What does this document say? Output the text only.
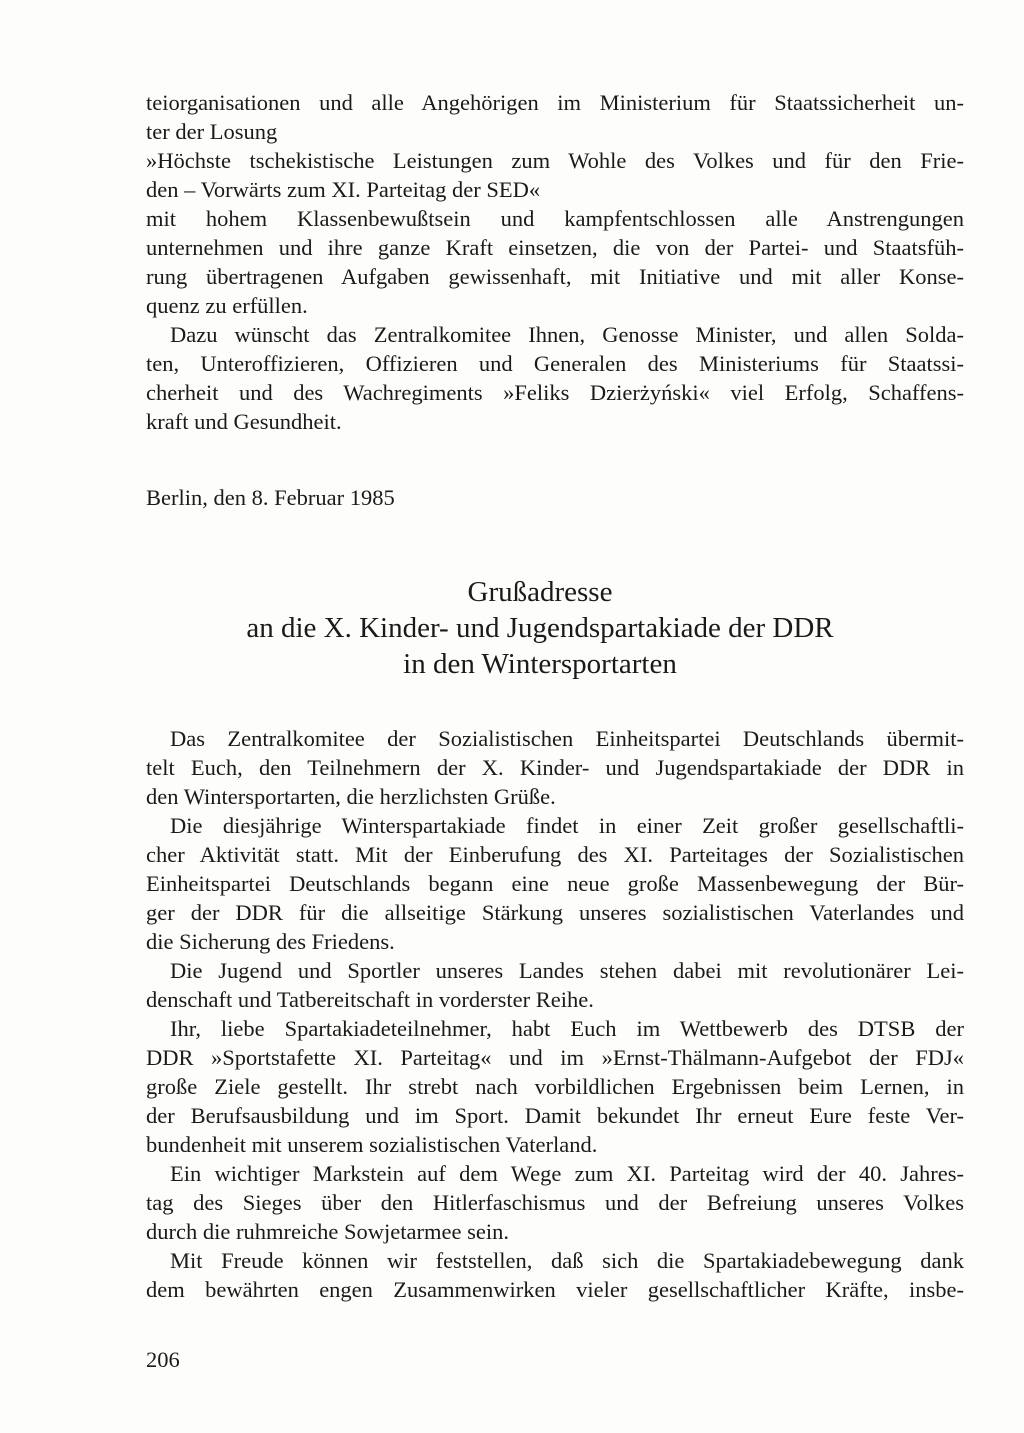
teiorganisationen und alle Angehörigen im Ministerium für Staatssicherheit un-
ter der Losung
»Höchste tschekistische Leistungen zum Wohle des Volkes und für den Frie-
den – Vorwärts zum XI. Parteitag der SED«
mit hohem Klassenbewußtsein und kampfentschlossen alle Anstrengungen
unternehmen und ihre ganze Kraft einsetzen, die von der Partei- und Staatsfüh-
rung übertragenen Aufgaben gewissenhaft, mit Initiative und mit aller Konse-
quenz zu erfüllen.
Dazu wünscht das Zentralkomitee Ihnen, Genosse Minister, und allen Solda-
ten, Unteroffizieren, Offizieren und Generalen des Ministeriums für Staatssi-
cherheit und des Wachregiments »Feliks Dzierżyński« viel Erfolg, Schaffens-
kraft und Gesundheit.
Berlin, den 8. Februar 1985
Grußadresse
an die X. Kinder- und Jugendspartakiade der DDR
in den Wintersportarten
Das Zentralkomitee der Sozialistischen Einheitspartei Deutschlands übermit-
telt Euch, den Teilnehmern der X. Kinder- und Jugendspartakiade der DDR in
den Wintersportarten, die herzlichsten Grüße.
Die diesjährige Winterspartakiade findet in einer Zeit großer gesellschaftli-
cher Aktivität statt. Mit der Einberufung des XI. Parteitages der Sozialistischen
Einheitspartei Deutschlands begann eine neue große Massenbewegung der Bür-
ger der DDR für die allseitige Stärkung unseres sozialistischen Vaterlandes und
die Sicherung des Friedens.
Die Jugend und Sportler unseres Landes stehen dabei mit revolutionärer Lei-
denschaft und Tatbereitschaft in vorderster Reihe.
Ihr, liebe Spartakiadeteilnehmer, habt Euch im Wettbewerb des DTSB der
DDR »Sportstafette XI. Parteitag« und im »Ernst-Thälmann-Aufgebot der FDJ«
große Ziele gestellt. Ihr strebt nach vorbildlichen Ergebnissen beim Lernen, in
der Berufsausbildung und im Sport. Damit bekundet Ihr erneut Eure feste Ver-
bundenheit mit unserem sozialistischen Vaterland.
Ein wichtiger Markstein auf dem Wege zum XI. Parteitag wird der 40. Jahres-
tag des Sieges über den Hitlerfaschismus und der Befreiung unseres Volkes
durch die ruhmreiche Sowjetarmee sein.
Mit Freude können wir feststellen, daß sich die Spartakiadebewegung dank
dem bewährten engen Zusammenwirken vieler gesellschaftlicher Kräfte, insbe-
206
